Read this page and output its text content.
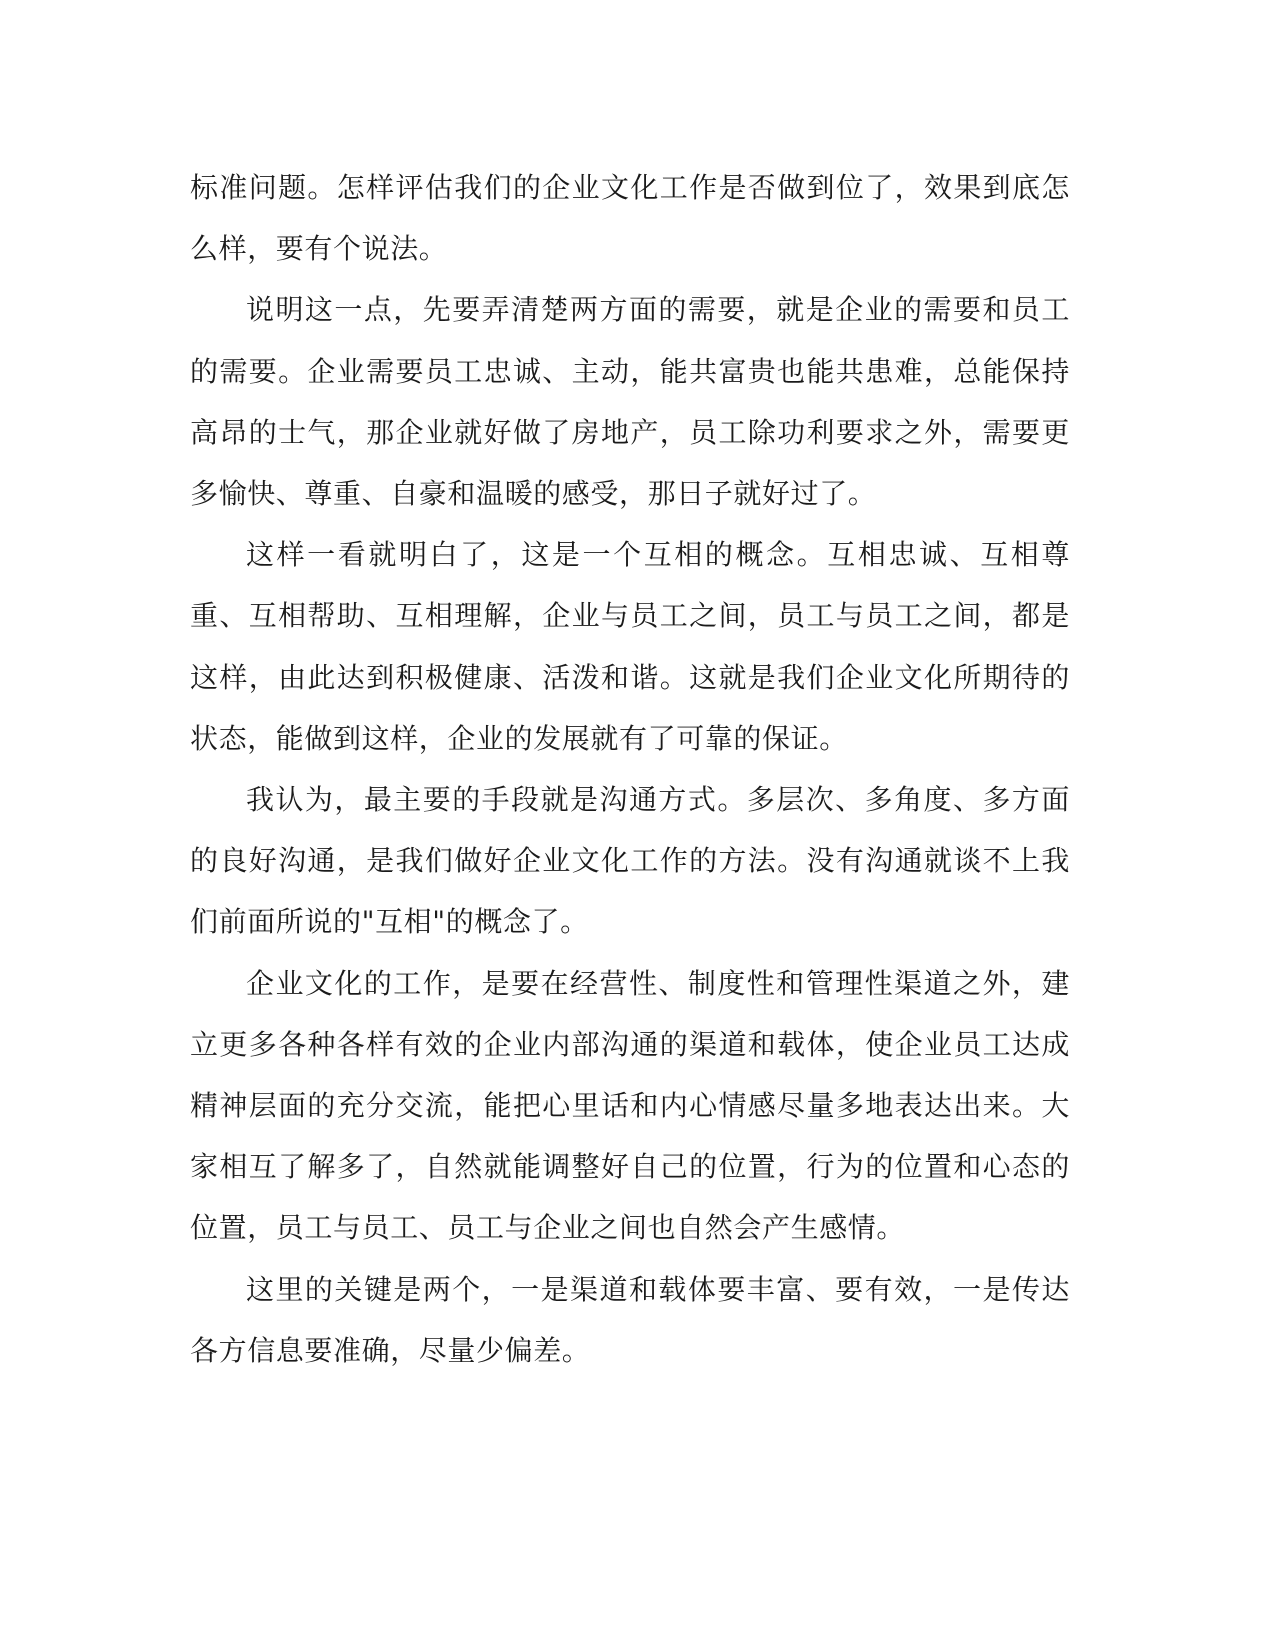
标准问题。怎样评估我们的企业文化工作是否做到位了，效果到底怎么样，要有个说法。

说明这一点，先要弄清楚两方面的需要，就是企业的需要和员工的需要。企业需要员工忠诚、主动，能共富贵也能共患难，总能保持高昂的士气，那企业就好做了房地产，员工除功利要求之外，需要更多愉快、尊重、自豪和温暖的感受，那日子就好过了。

这样一看就明白了，这是一个互相的概念。互相忠诚、互相尊重、互相帮助、互相理解，企业与员工之间，员工与员工之间，都是这样，由此达到积极健康、活泼和谐。这就是我们企业文化所期待的状态，能做到这样，企业的发展就有了可靠的保证。

我认为，最主要的手段就是沟通方式。多层次、多角度、多方面的良好沟通，是我们做好企业文化工作的方法。没有沟通就谈不上我们前面所说的"互相"的概念了。

企业文化的工作，是要在经营性、制度性和管理性渠道之外，建立更多各种各样有效的企业内部沟通的渠道和载体，使企业员工达成精神层面的充分交流，能把心里话和内心情感尽量多地表达出来。大家相互了解多了，自然就能调整好自己的位置，行为的位置和心态的位置，员工与员工、员工与企业之间也自然会产生感情。

这里的关键是两个，一是渠道和载体要丰富、要有效，一是传达各方信息要准确，尽量少偏差。
